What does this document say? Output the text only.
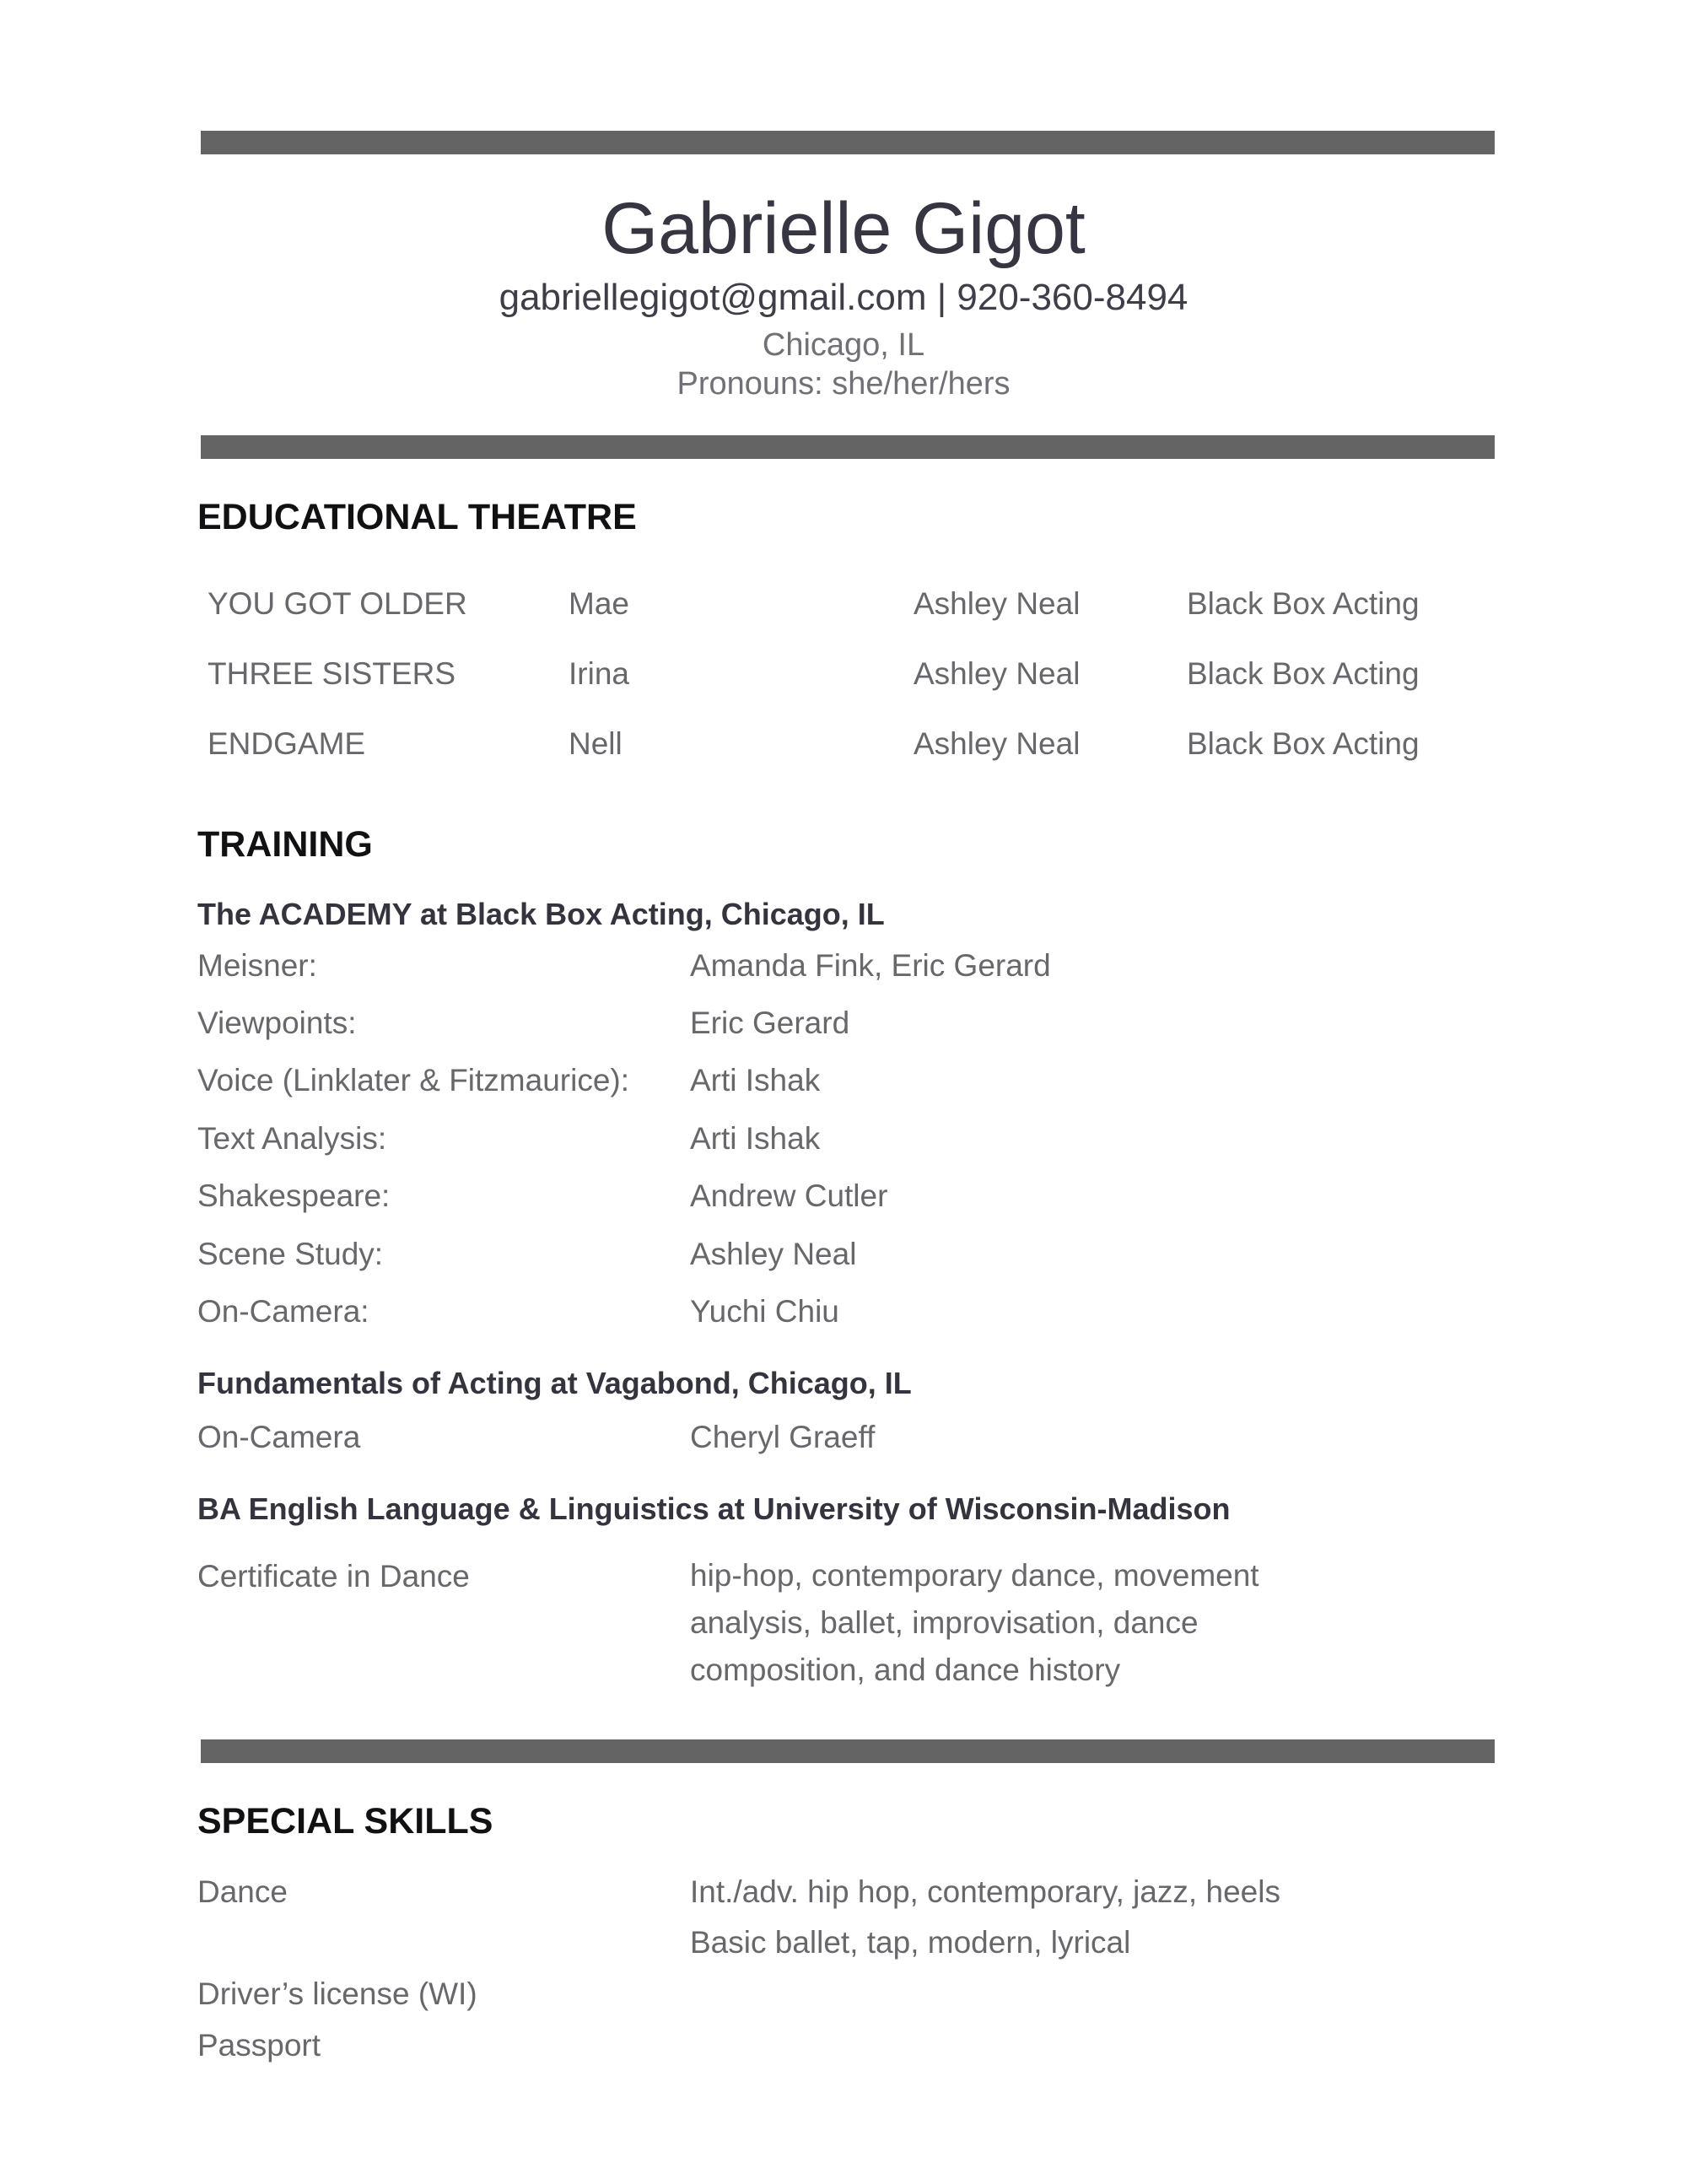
Gabrielle Gigot
gabriellegigot@gmail.com | 920-360-8494
Chicago, IL
Pronouns: she/her/hers
EDUCATIONAL THEATRE
YOU GOT OLDER	Mae	Ashley Neal	Black Box Acting
THREE SISTERS	Irina	Ashley Neal	Black Box Acting
ENDGAME	Nell	Ashley Neal	Black Box Acting
TRAINING
The ACADEMY at Black Box Acting, Chicago, IL
Meisner:	Amanda Fink, Eric Gerard
Viewpoints:	Eric Gerard
Voice (Linklater & Fitzmaurice): Arti Ishak
Text Analysis:	Arti Ishak
Shakespeare:	Andrew Cutler
Scene Study:	Ashley Neal
On-Camera:	Yuchi Chiu
Fundamentals of Acting at Vagabond, Chicago, IL
On-Camera	Cheryl Graeff
BA English Language & Linguistics at University of Wisconsin-Madison
Certificate in Dance	hip-hop, contemporary dance, movement analysis, ballet, improvisation, dance composition, and dance history
SPECIAL SKILLS
Dance	Int./adv. hip hop, contemporary, jazz, heels
Basic ballet, tap, modern, lyrical
Driver’s license (WI)
Passport
